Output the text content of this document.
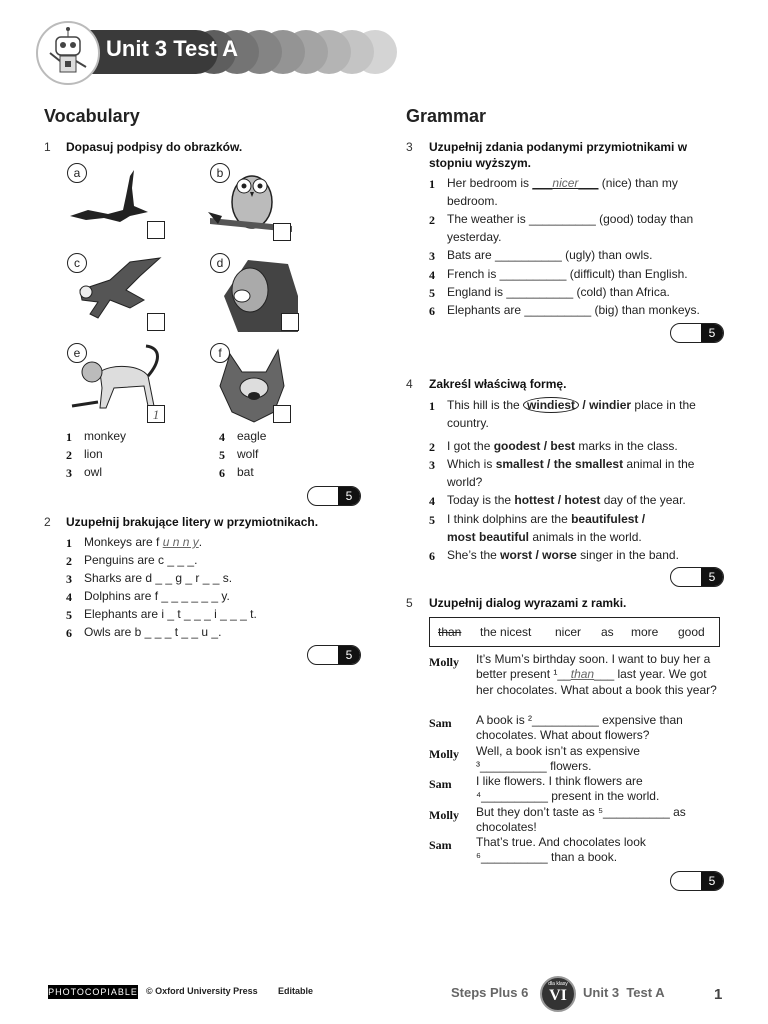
Unit 3 Test A
Vocabulary
1 Dopasuj podpisy do obrazków.
a	b
c	d
e
1
f
1	monkey
2	lion
3	owl
4	eagle
5	wolf
6	bat
5
2 Uzupełnij brakujące litery w przymiotnikach.
1	Monkeys are f u n n y.
2	Penguins are c _ _ _.
3	Sharks are d _ _ g _ r _ _ s.
4	Dolphins are f _ _ _ _ _ _ y.
5	Elephants are i _ t _ _ _ i _ _ _ t.
6	Owls are b _ _ _ t _ _ u _.
5
Grammar
3 Uzupełnij zdania podanymi przymiotnikami w stopniu wyższym.
1	Her bedroom is ___nicer___ (nice) than my bedroom.
2	The weather is __________ (good) today than yesterday.
3	Bats are __________ (ugly) than owls.
4	French is __________ (difficult) than English.
5	England is __________ (cold) than Africa.
6	Elephants are __________ (big) than monkeys.
5
4 Zakreśl właściwą formę.
1	This hill is the windiest / windier place in the country.
2	I got the goodest / best marks in the class.
3	Which is smallest / the smallest animal in the world?
4	Today is the hottest / hotest day of the year.
5	I think dolphins are the beautifulest / most beautiful animals in the world.
6	She’s the worst / worse singer in the band.
5
5 Uzupełnij dialog wyrazami z ramki.
than the nicest nicer as more good
Molly It’s Mum’s birthday soon. I want to buy her a better present ¹__than___ last year. We got her chocolates. What about a book this year?
Sam A book is ²__________ expensive than chocolates. What about flowers?
Molly Well, a book isn’t as expensive ³__________ flowers.
Sam I like flowers. I think flowers are ⁴__________ present in the world.
Molly But they don’t taste as ⁵__________ as chocolates!
Sam That’s true. And chocolates look ⁶__________ than a book.
5
PHOTOCOPIABLE © Oxford University Press Editable	Steps Plus 6
dla klasy
VI	Unit 3  Test A	1
